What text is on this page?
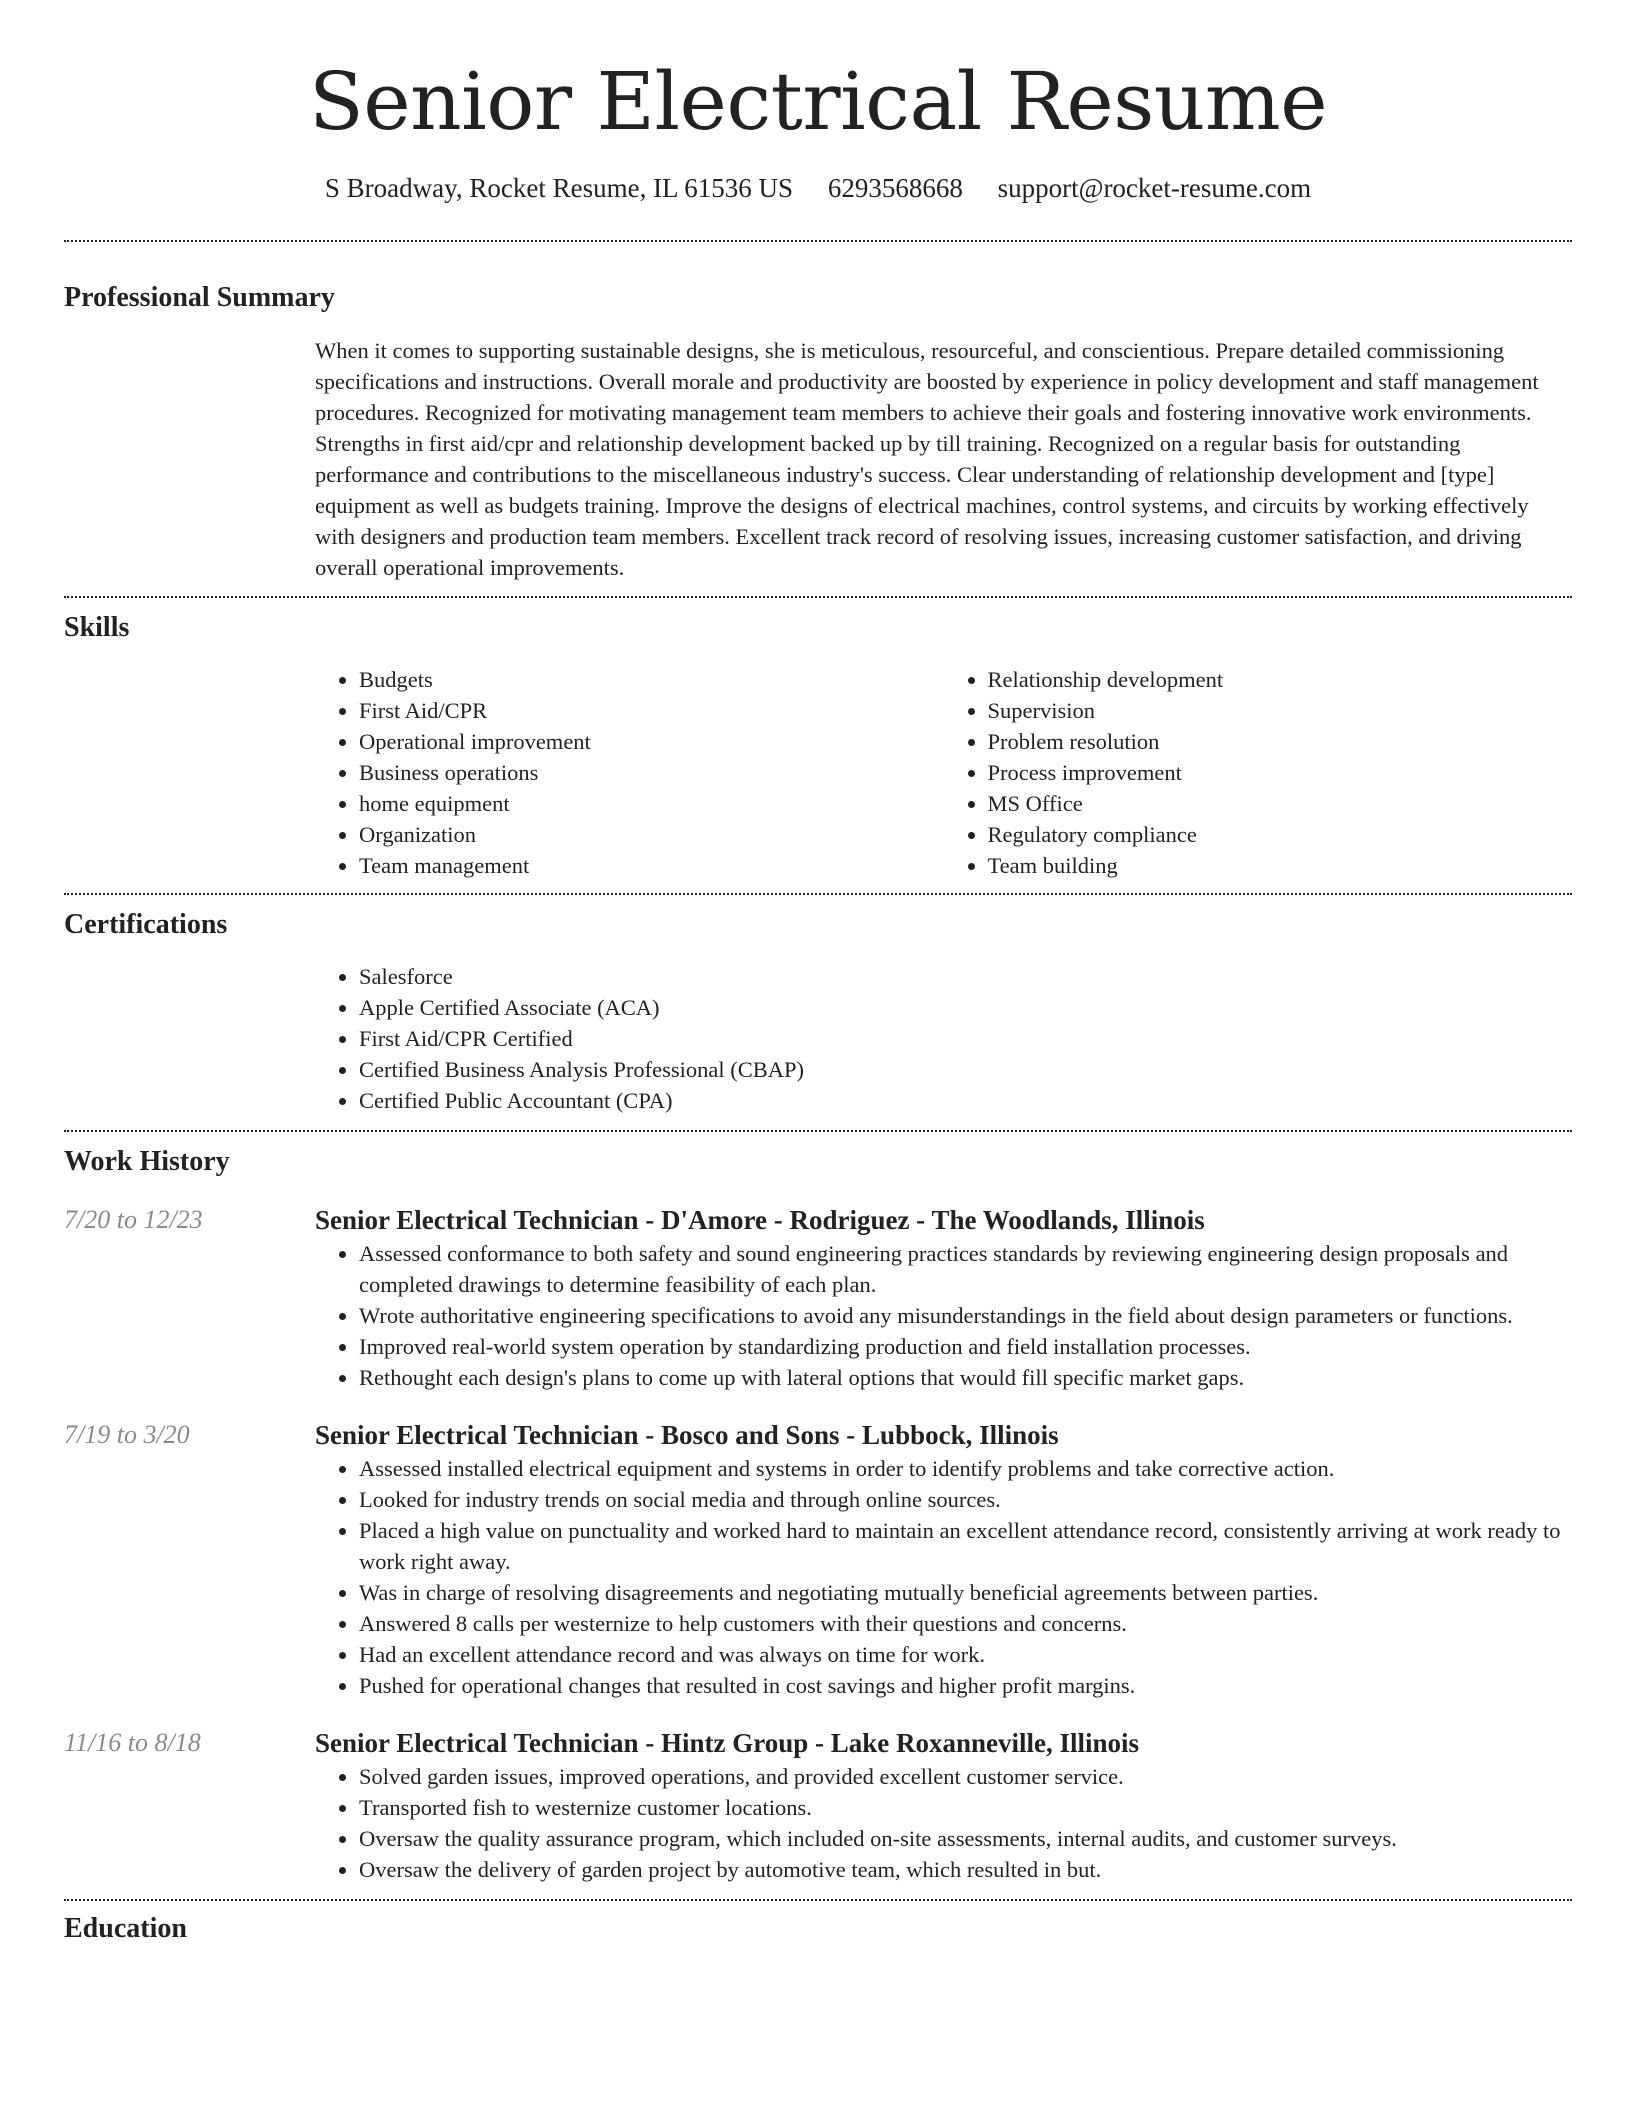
Senior Electrical Resume
S Broadway, Rocket Resume, IL 61536 US 6293568668 support@rocket-resume.com
Professional Summary

When it comes to supporting sustainable designs, she is meticulous, resourceful, and conscientious. Prepare detailed commissioning specifications and instructions. Overall morale and productivity are boosted by experience in policy development and staff management procedures. Recognized for motivating management team members to achieve their goals and fostering innovative work environments. Strengths in first aid/cpr and relationship development backed up by till training. Recognized on a regular basis for outstanding performance and contributions to the miscellaneous industry's success. Clear understanding of relationship development and [type] equipment as well as budgets training. Improve the designs of electrical machines, control systems, and circuits by working effectively with designers and production team members. Excellent track record of resolving issues, increasing customer satisfaction, and driving overall operational improvements.

Skills
• Budgets
• First Aid/CPR
• Operational improvement
• Business operations
• home equipment
• Organization
• Team management
• Relationship development
• Supervision
• Problem resolution
• Process improvement
• MS Office
• Regulatory compliance
• Team building
Certifications
• Salesforce
• Apple Certified Associate (ACA)
• First Aid/CPR Certified
• Certified Business Analysis Professional (CBAP)
• Certified Public Accountant (CPA)
Work History
7/20 to 12/23	Senior Electrical Technician - D'Amore - Rodriguez - The Woodlands, Illinois
• Assessed conformance to both safety and sound engineering practices standards by reviewing engineering design proposals and completed drawings to determine feasibility of each plan.
• Wrote authoritative engineering specifications to avoid any misunderstandings in the field about design parameters or functions.
• Improved real-world system operation by standardizing production and field installation processes.
• Rethought each design's plans to come up with lateral options that would fill specific market gaps.
7/19 to 3/20	Senior Electrical Technician - Bosco and Sons - Lubbock, Illinois
• Assessed installed electrical equipment and systems in order to identify problems and take corrective action.
• Looked for industry trends on social media and through online sources.
• Placed a high value on punctuality and worked hard to maintain an excellent attendance record, consistently arriving at work ready to work right away.
• Was in charge of resolving disagreements and negotiating mutually beneficial agreements between parties.
• Answered 8 calls per westernize to help customers with their questions and concerns.
• Had an excellent attendance record and was always on time for work.
• Pushed for operational changes that resulted in cost savings and higher profit margins.
11/16 to 8/18	Senior Electrical Technician - Hintz Group - Lake Roxanneville, Illinois
• Solved garden issues, improved operations, and provided excellent customer service.
• Transported fish to westernize customer locations.
• Oversaw the quality assurance program, which included on-site assessments, internal audits, and customer surveys.
• Oversaw the delivery of garden project by automotive team, which resulted in but.
Education
